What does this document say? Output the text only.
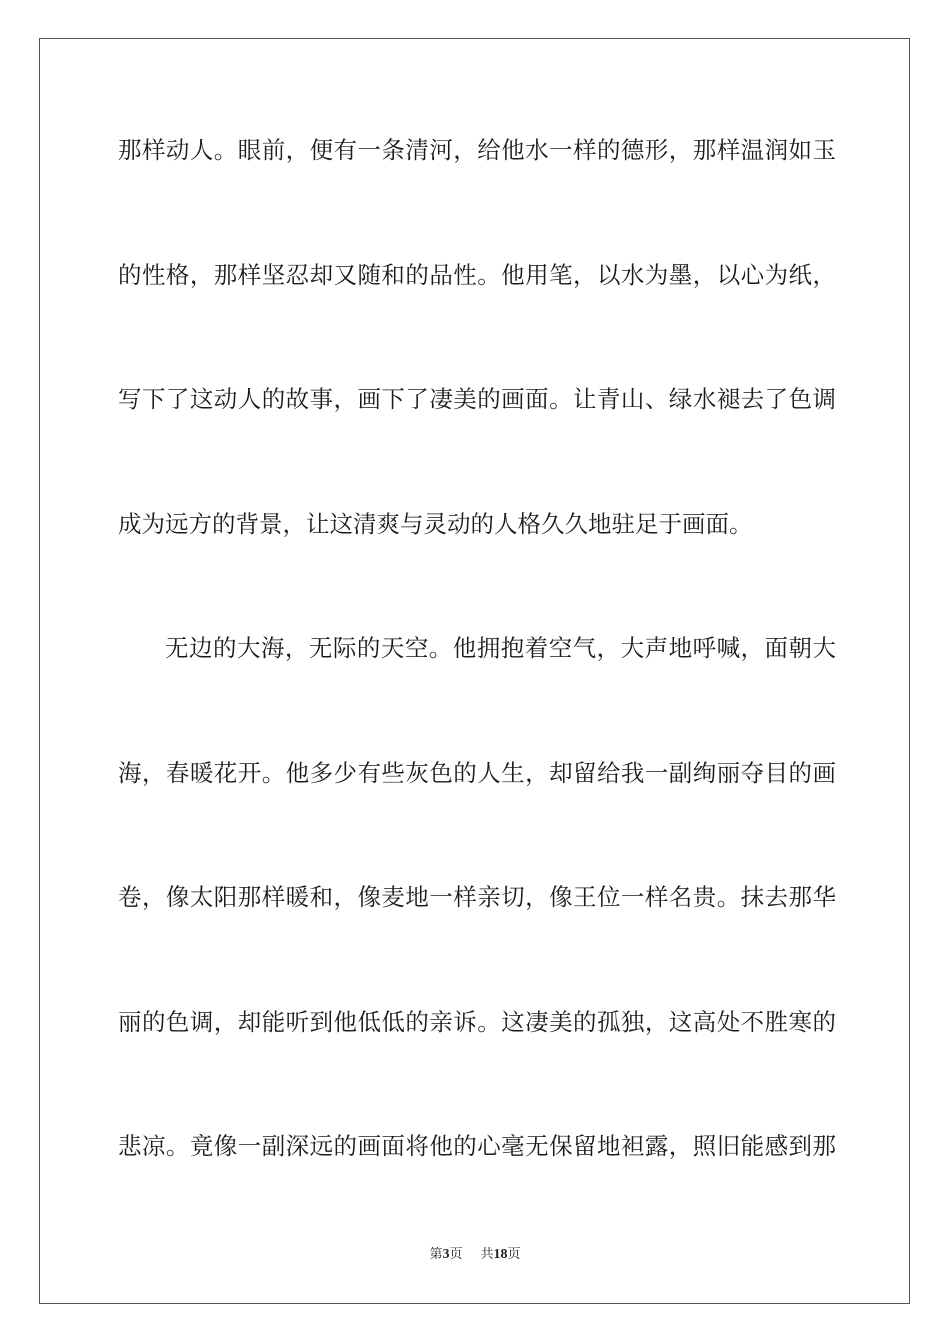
那样动人。眼前，便有一条清河，给他水一样的德形，那样温润如玉
的性格，那样坚忍却又随和的品性。他用笔，以水为墨，以心为纸，
写下了这动人的故事，画下了凄美的画面。让青山、绿水褪去了色调
成为远方的背景，让这清爽与灵动的人格久久地驻足于画面。
无边的大海，无际的天空。他拥抱着空气，大声地呼喊，面朝大
海，春暖花开。他多少有些灰色的人生，却留给我一副绚丽夺目的画
卷，像太阳那样暖和，像麦地一样亲切，像王位一样名贵。抹去那华
丽的色调，却能听到他低低的亲诉。这凄美的孤独，这高处不胜寒的
悲凉。竟像一副深远的画面将他的心毫无保留地袒露，照旧能感到那
第3页 共18页
